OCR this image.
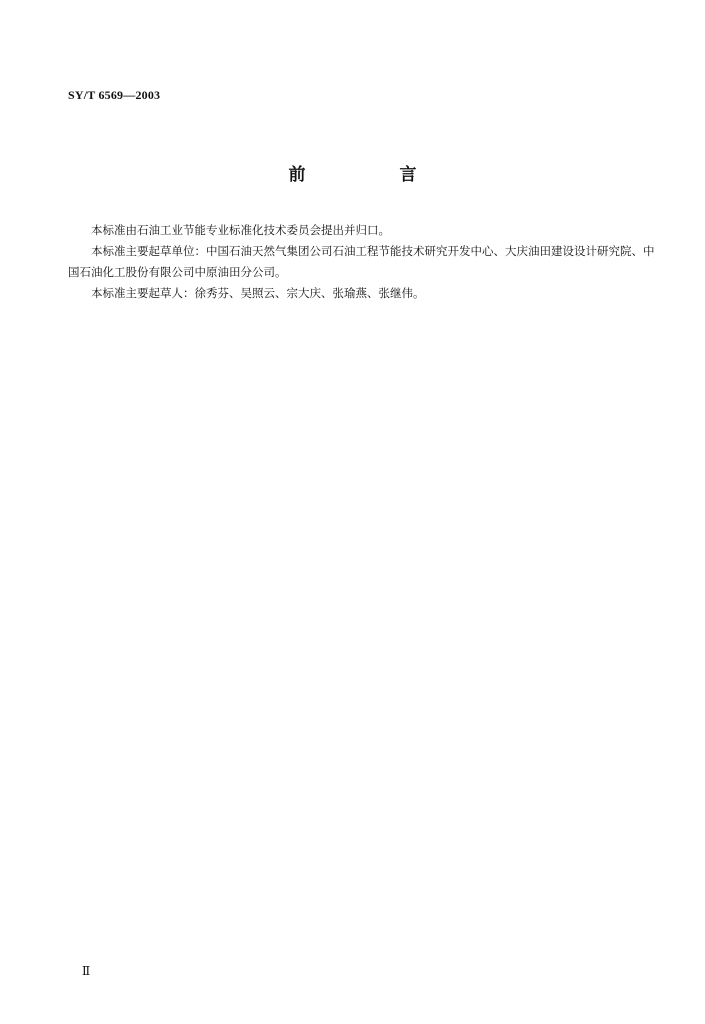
SY/T 6569—2003
前 言

本标准由石油工业节能专业标准化技术委员会提出并归口。

本标准主要起草单位：中国石油天然气集团公司石油工程节能技术研究开发中心、大庆油田建设设计研究院、中国石油化工股份有限公司中原油田分公司。

本标准主要起草人：徐秀芬、吴照云、宗大庆、张瑜燕、张继伟。

Ⅱ
